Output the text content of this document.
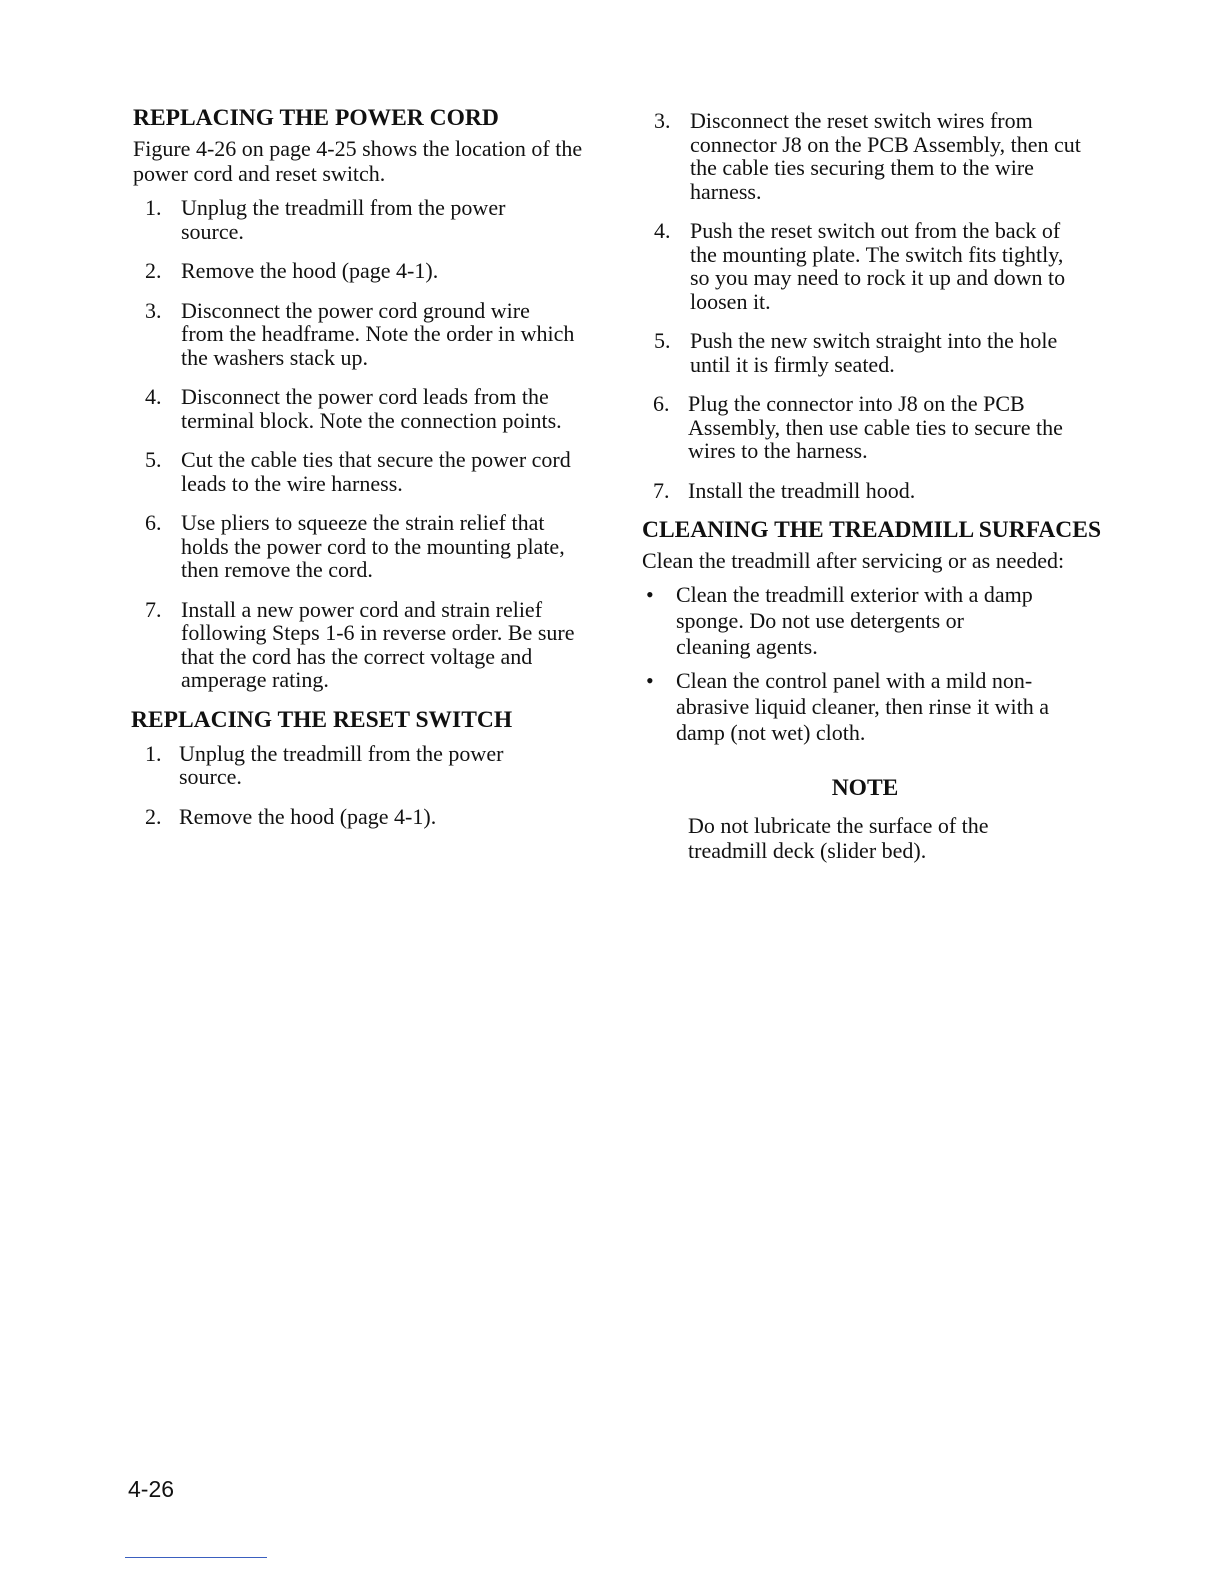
REPLACING THE POWER CORD

Figure 4-26 on page 4-25 shows the location of the power cord and reset switch.

1. Unplug the treadmill from the power source.
2. Remove the hood (page 4-1).
3. Disconnect the power cord ground wire from the headframe. Note the order in which the washers stack up.
4. Disconnect the power cord leads from the terminal block. Note the connection points.
5. Cut the cable ties that secure the power cord leads to the wire harness.
6. Use pliers to squeeze the strain relief that holds the power cord to the mounting plate, then remove the cord.
7. Install a new power cord and strain relief following Steps 1-6 in reverse order. Be sure that the cord has the correct voltage and amperage rating.
REPLACING THE RESET SWITCH
1. Unplug the treadmill from the power source.
2. Remove the hood (page 4-1).
3. Disconnect the reset switch wires from connector J8 on the PCB Assembly, then cut the cable ties securing them to the wire harness.
4. Push the reset switch out from the back of the mounting plate. The switch fits tightly, so you may need to rock it up and down to loosen it.
5. Push the new switch straight into the hole until it is firmly seated.
6. Plug the connector into J8 on the PCB Assembly, then use cable ties to secure the wires to the harness.
7. Install the treadmill hood.
CLEANING THE TREADMILL SURFACES

Clean the treadmill after servicing or as needed:

• Clean the treadmill exterior with a damp sponge. Do not use detergents or cleaning agents.
• Clean the control panel with a mild non-abrasive liquid cleaner, then rinse it with a damp (not wet) cloth.
NOTE
Do not lubricate the surface of the treadmill deck (slider bed).
4-26
